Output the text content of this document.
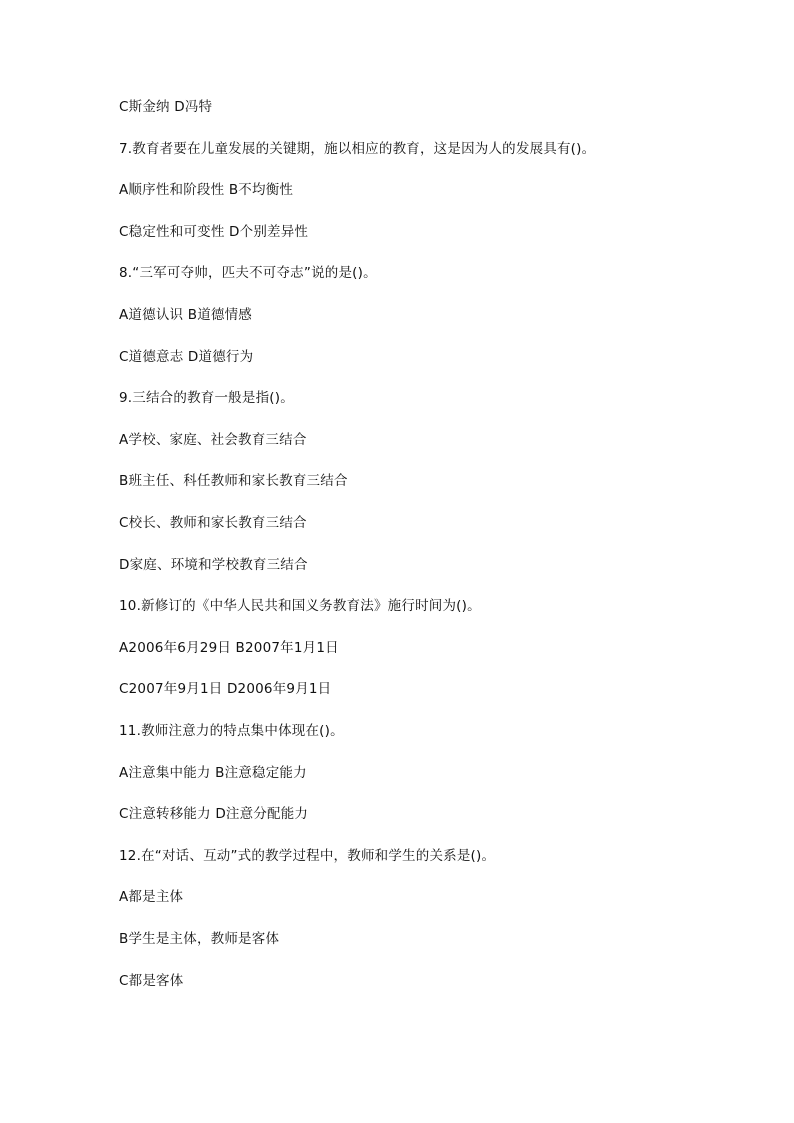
C斯金纳 D冯特
7.教育者要在儿童发展的关键期，施以相应的教育，这是因为人的发展具有()。
A顺序性和阶段性 B不均衡性
C稳定性和可变性 D个别差异性
8.“三军可夺帅，匹夫不可夺志”说的是()。
A道德认识 B道德情感
C道德意志 D道德行为
9.三结合的教育一般是指()。
A学校、家庭、社会教育三结合
B班主任、科任教师和家长教育三结合
C校长、教师和家长教育三结合
D家庭、环境和学校教育三结合
10.新修订的《中华人民共和国义务教育法》施行时间为()。
A2006年6月29日 B2007年1月1日
C2007年9月1日 D2006年9月1日
11.教师注意力的特点集中体现在()。
A注意集中能力 B注意稳定能力
C注意转移能力 D注意分配能力
12.在“对话、互动”式的教学过程中，教师和学生的关系是()。
A都是主体
B学生是主体，教师是客体
C都是客体
